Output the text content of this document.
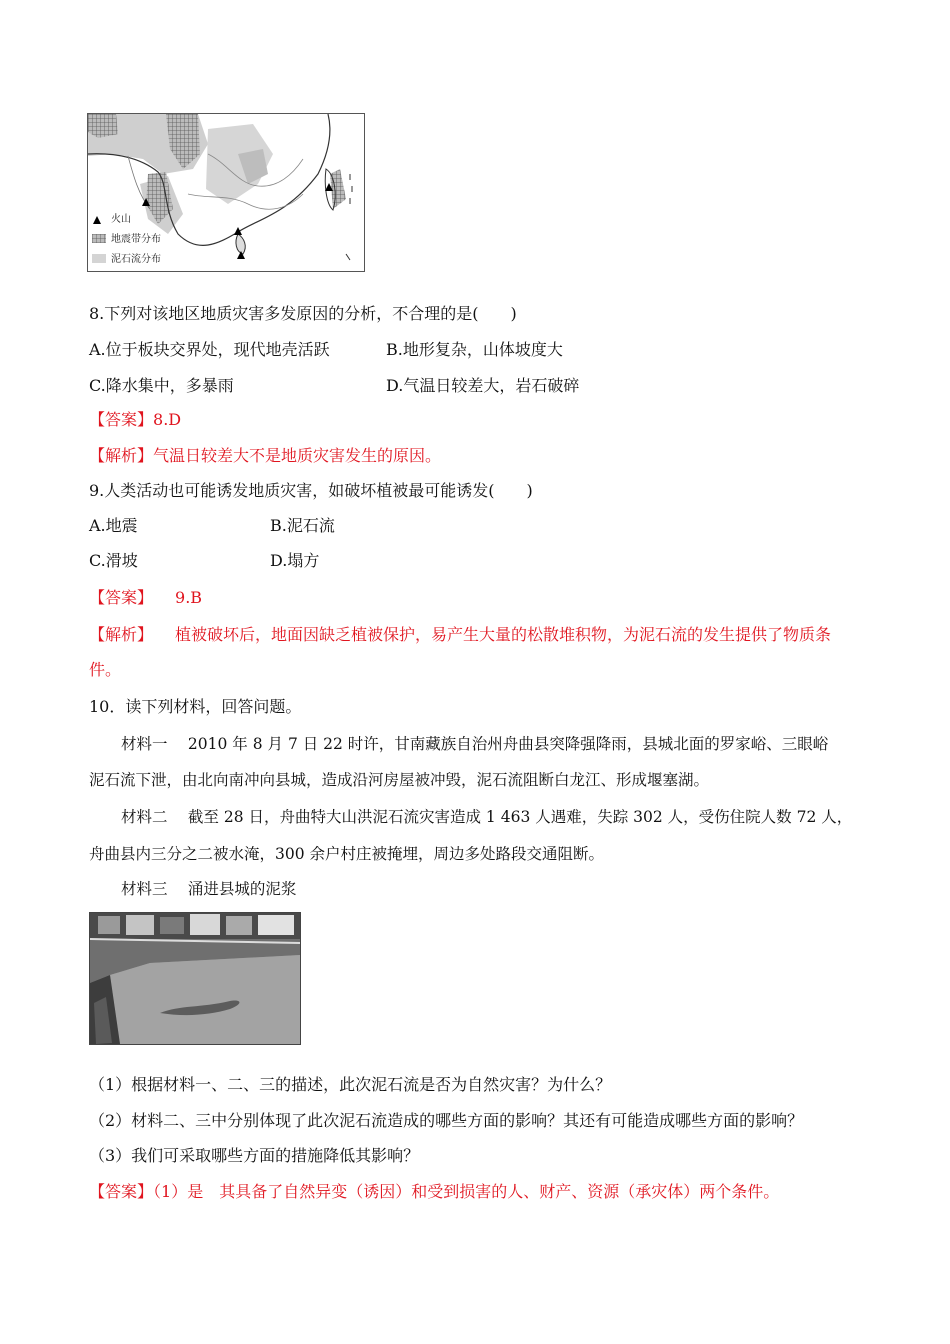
火山
地震带分布
泥石流分布
8.下列对该地区地质灾害多发原因的分析，不合理的是(　　)
A.位于板块交界处，现代地壳活跃	B.地形复杂，山体坡度大
C.降水集中，多暴雨	D.气温日较差大，岩石破碎
【答案】8.D
【解析】气温日较差大不是地质灾害发生的原因。
9.人类活动也可能诱发地质灾害，如破坏植被最可能诱发(　　)
A.地震	B.泥石流
C.滑坡	D.塌方
【答案】 9.B
【解析】 植被破坏后，地面因缺乏植被保护，易产生大量的松散堆积物，为泥石流的发生提供了物质条
件。
10．读下列材料，回答问题。
材料一　 2010 年 8 月 7 日 22 时许，甘南藏族自治州舟曲县突降强降雨，县城北面的罗家峪、三眼峪
泥石流下泄，由北向南冲向县城，造成沿河房屋被冲毁，泥石流阻断白龙江、形成堰塞湖。
材料二　 截至 28 日，舟曲特大山洪泥石流灾害造成 1 463 人遇难，失踪 302 人，受伤住院人数 72 人，
舟曲县内三分之二被水淹，300 余户村庄被掩埋，周边多处路段交通阻断。
材料三　 涌进县城的泥浆
（1）根据材料一、二、三的描述，此次泥石流是否为自然灾害？为什么？
（2）材料二、三中分别体现了此次泥石流造成的哪些方面的影响？其还有可能造成哪些方面的影响？
（3）我们可采取哪些方面的措施降低其影响？
【答案】（1）是　其具备了自然异变（诱因）和受到损害的人、财产、资源（承灾体）两个条件。
